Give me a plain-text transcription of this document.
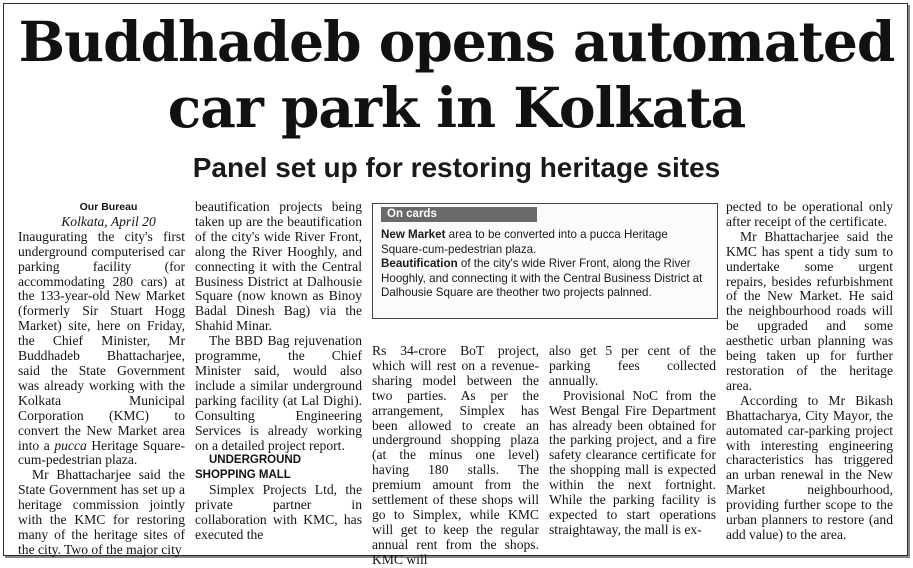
Buddhadeb opens automated
car park in Kolkata
Panel set up for restoring heritage sites

Our Bureau

Kolkata, April 20

Inaugurating the city's first underground computerised car parking facility (for accommodating 280 cars) at the 133-year-old New Market (formerly Sir Stuart Hogg Market) site, here on Friday, the Chief Minister, Mr Buddhadeb Bhattacharjee, said the State Government was already working with the Kolkata Municipal Corporation (KMC) to convert the New Market area into a pucca Heritage Square-cum-pedestrian plaza.

Mr Bhattacharjee said the State Government has set up a heritage commission jointly with the KMC for restoring many of the heritage sites of the city. Two of the major city

beautification projects being taken up are the beautification of the city's wide River Front, along the River Hooghly, and connecting it with the Central Business District at Dalhousie Square (now known as Binoy Badal Dinesh Bag) via the Shahid Minar.

The BBD Bag rejuvenation programme, the Chief Minister said, would also include a similar underground parking facility (at Lal Dighi). Consulting Engineering Services is already working on a detailed project report.

UNDERGROUND SHOPPING MALL

Simplex Projects Ltd, the private partner in collaboration with KMC, has executed the

On cards

New Market area to be converted into a pucca Heritage Square-cum-pedestrian plaza.

Beautification of the city's wide River Front, along the River Hooghly, and connecting it with the Central Business District at Dalhousie Square are theother two projects palnned.

Rs 34-crore BoT project, which will rest on a revenue-sharing model between the two parties. As per the arrangement, Simplex has been allowed to create an underground shopping plaza (at the minus one level) having 180 stalls. The premium amount from the settlement of these shops will go to Simplex, while KMC will get to keep the regular annual rent from the shops. KMC will

also get 5 per cent of the parking fees collected annually.

Provisional NoC from the West Bengal Fire Department has already been obtained for the parking project, and a fire safety clearance certificate for the shopping mall is expected within the next fortnight. While the parking facility is expected to start operations straightaway, the mall is ex-

pected to be operational only after receipt of the certificate.

Mr Bhattacharjee said the KMC has spent a tidy sum to undertake some urgent repairs, besides refurbishment of the New Market. He said the neighbourhood roads will be upgraded and some aesthetic urban planning was being taken up for further restoration of the heritage area.

According to Mr Bikash Bhattacharya, City Mayor, the automated car-parking project with interesting engineering characteristics has triggered an urban renewal in the New Market neighbourhood, providing further scope to the urban planners to restore (and add value) to the area.
